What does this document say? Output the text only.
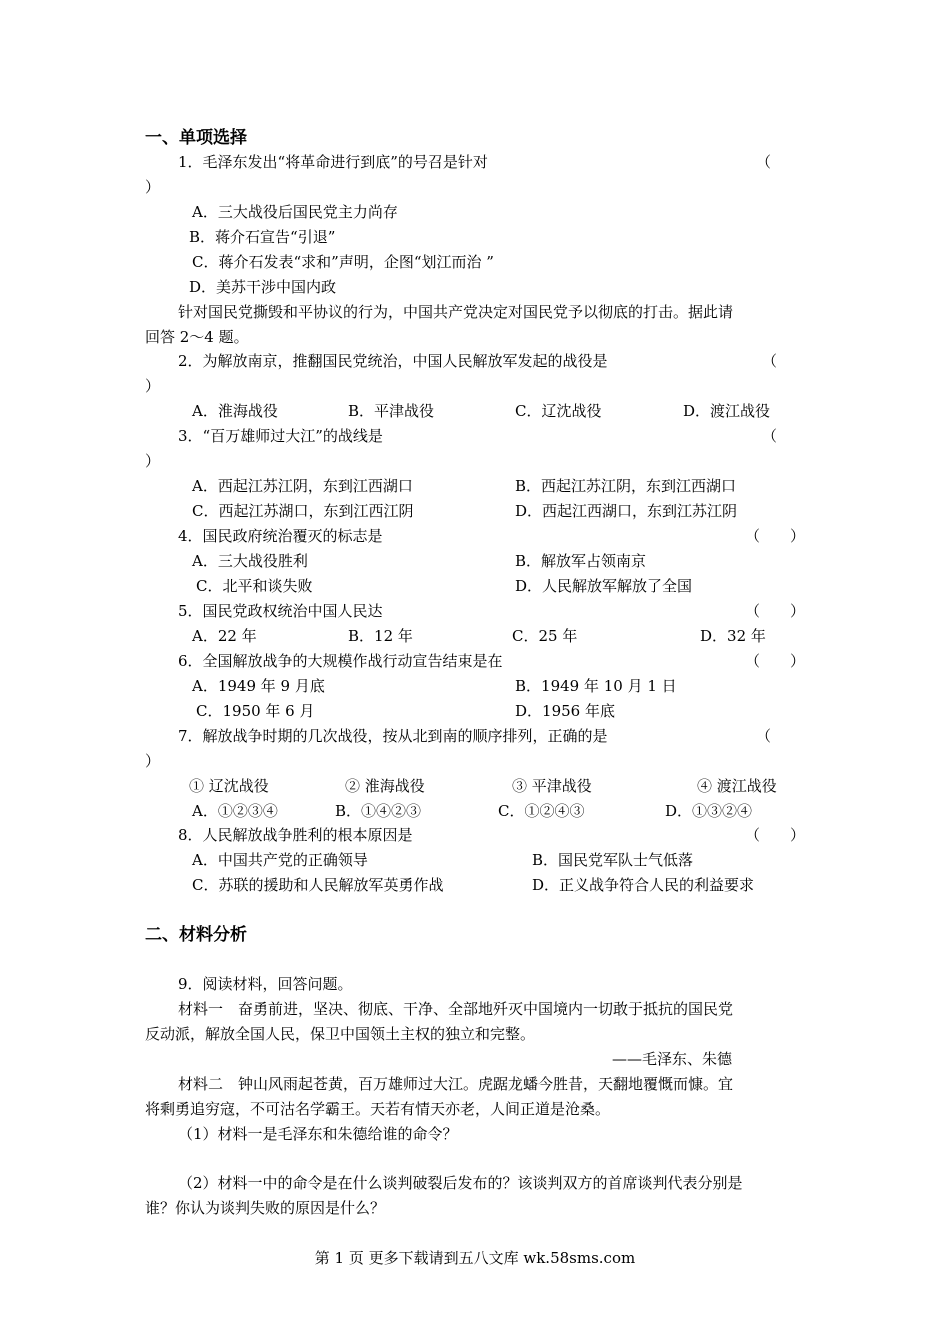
一、单项选择
1．毛泽东发出“将革命进行到底”的号召是针对	（
）
A．三大战役后国民党主力尚存
B．蒋介石宣告“引退”
C．蒋介石发表“求和”声明，企图“划江而治 ”
D．美苏干涉中国内政
针对国民党撕毁和平协议的行为，中国共产党决定对国民党予以彻底的打击。据此请
回答 2～4 题。
2．为解放南京，推翻国民党统治，中国人民解放军发起的战役是	（
）
A．淮海战役	B．平津战役	C．辽沈战役	D．渡江战役
3．“百万雄师过大江”的战线是	（
）
A．西起江苏江阴，东到江西湖口	B．西起江苏江阴，东到江西湖口
C．西起江苏湖口，东到江西江阴	D．西起江西湖口，东到江苏江阴
4．国民政府统治覆灭的标志是	（　　）
A．三大战役胜利	B．解放军占领南京
C．北平和谈失败	D．人民解放军解放了全国
5．国民党政权统治中国人民达	（　　）
A．22 年	B．12 年	C．25 年	D．32 年
6．全国解放战争的大规模作战行动宣告结束是在	（　　）
A．1949 年 9 月底	B．1949 年 10 月 1 日
C．1950 年 6 月	D．1956 年底
7．解放战争时期的几次战役，按从北到南的顺序排列，正确的是	（
）
① 辽沈战役	② 淮海战役	③ 平津战役	④ 渡江战役
A．①②③④	B．①④②③	C．①②④③	D．①③②④
8．人民解放战争胜利的根本原因是	（　　）
A．中国共产党的正确领导	B．国民党军队士气低落
C．苏联的援助和人民解放军英勇作战	D．正义战争符合人民的利益要求
二、材料分析
9．阅读材料，回答问题。
材料一　奋勇前进，坚决、彻底、干净、全部地歼灭中国境内一切敢于抵抗的国民党
反动派，解放全国人民，保卫中国领土主权的独立和完整。
——毛泽东、朱德
材料二　钟山风雨起苍黄，百万雄师过大江。虎踞龙蟠今胜昔，天翻地覆慨而慷。宜
将剩勇追穷寇，不可沽名学霸王。天若有情天亦老，人间正道是沧桑。
（1）材料一是毛泽东和朱德给谁的命令？
（2）材料一中的命令是在什么谈判破裂后发布的？该谈判双方的首席谈判代表分别是
谁？你认为谈判失败的原因是什么？
第 1 页 更多下载请到五八文库 wk.58sms.com
